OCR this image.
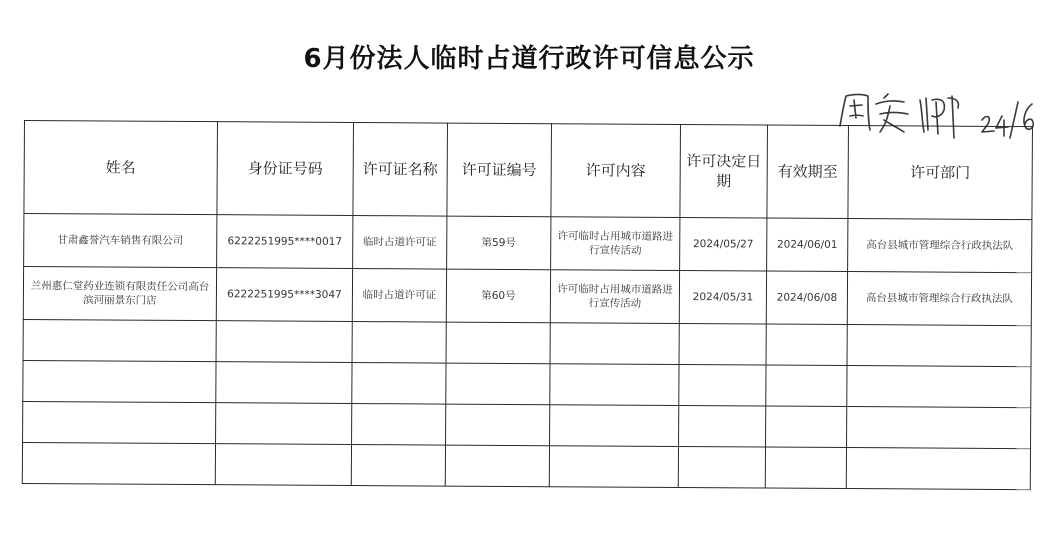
6月份法人临时占道行政许可信息公示
姓名	身份证号码	许可证名称	许可证编号	许可内容	许可决定日期	有效期至	许可部门
甘肃鑫誉汽车销售有限公司	6222251995****0017	临时占道许可证	第59号	许可临时占用城市道路进行宣传活动	2024/05/27	2024/06/01	高台县城市管理综合行政执法队
兰州惠仁堂药业连锁有限责任公司高台滨河丽景东门店	6222251995****3047	临时占道许可证	第60号	许可临时占用城市道路进行宣传活动	2024/05/31	2024/06/08	高台县城市管理综合行政执法队
